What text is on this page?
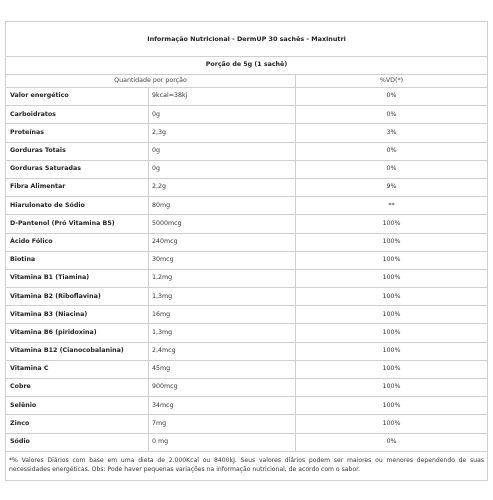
Informação Nutricional - DermUP 30 sachês - Maxinutri		
Porção de 5g (1 sachê)		
Quantidade por porção		%VD(*)
Valor energético	9kcal=38kj	0%
Carboidratos	0g	0%
Proteínas	2,3g	3%
Gorduras Totais	0g	0%
Gorduras Saturadas	0g	0%
Fibra Alimentar	2,2g	9%
Hiarulonato de Sódio	80mg	**
D-Pantenol (Pró Vitamina B5)	5000mcg	100%
Ácido Fólico	240mcg	100%
Biotina	30mcg	100%
Vitamina B1 (Tiamina)	1,2mg	100%
Vitamina B2 (Riboflavina)	1,3mg	100%
Vitamina B3 (Niacina)	16mg	100%
Vitamina B6 (piridoxina)	1,3mg	100%
Vitamina B12 (Cianocobalanina)	2,4mcg	100%
Vitamina C	45mg	100%
Cobre	900mcg	100%
Selênio	34mcg	100%
Zinco	7mg	100%
Sódio	0 mg	0%
*% Valores Diários com base em uma dieta de 2.000Kcal ou 8400kJ. Seus valores diários podem ser maiores ou menores dependendo de suas necessidades energéticas. Obs: Pode haver pequenas variações na informação nutricional, de acordo com o sabor.		
